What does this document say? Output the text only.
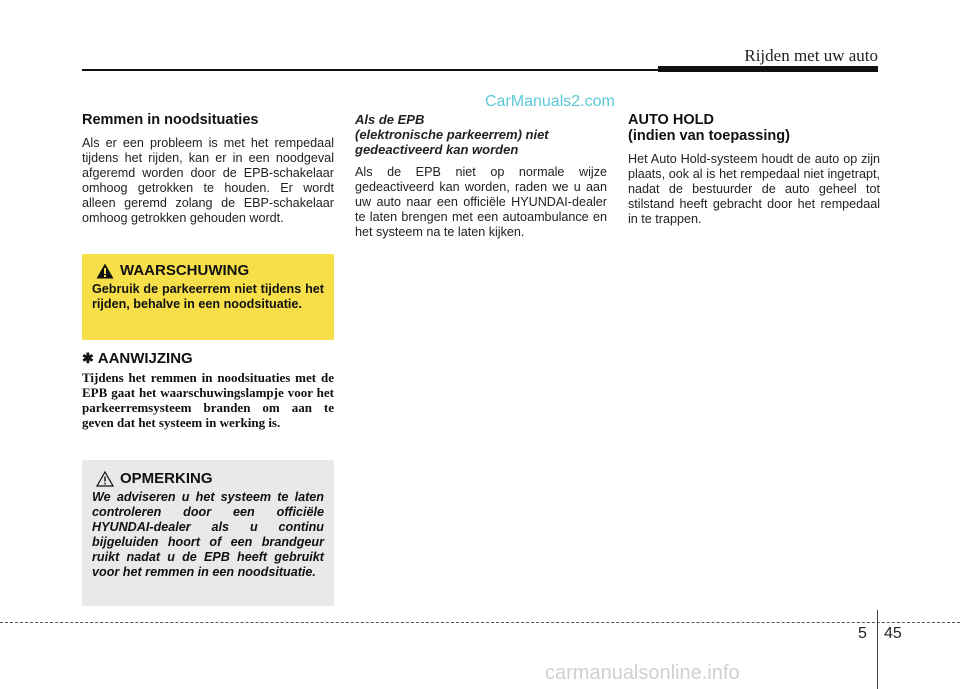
Rijden met uw auto
CarManuals2.com
Remmen in noodsituaties

Als er een probleem is met het rempedaal tijdens het rijden, kan er in een noodgeval afgeremd worden door de EPB-schakelaar omhoog getrokken te houden. Er wordt alleen geremd zolang de EBP-schakelaar omhoog getrokken gehouden wordt.

WAARSCHUWING
Gebruik de parkeerrem niet tijdens het rijden, behalve in een noodsituatie.
✱ AANWIJZING
Tijdens het remmen in noodsituaties met de EPB gaat het waarschuwingslampje voor het parkeerremsysteem branden om aan te geven dat het systeem in werking is.
OPMERKING
We adviseren u het systeem te laten controleren door een officiële HYUNDAI-dealer als u continu bijgeluiden hoort of een brandgeur ruikt nadat u de EPB heeft gebruikt voor het remmen in een noodsituatie.
Als de EPB
(elektronische parkeerrem) niet
gedeactiveerd kan worden

Als de EPB niet op normale wijze gedeactiveerd kan worden, raden we u aan uw auto naar een officiële HYUNDAI-dealer te laten brengen met een autoambulance en het systeem na te laten kijken.

AUTO HOLD
(indien van toepassing)

Het Auto Hold-systeem houdt de auto op zijn plaats, ook al is het rempedaal niet ingetrapt, nadat de bestuurder de auto geheel tot stilstand heeft gebracht door het rempedaal in te trappen.

5 45
carmanualsonline.info
